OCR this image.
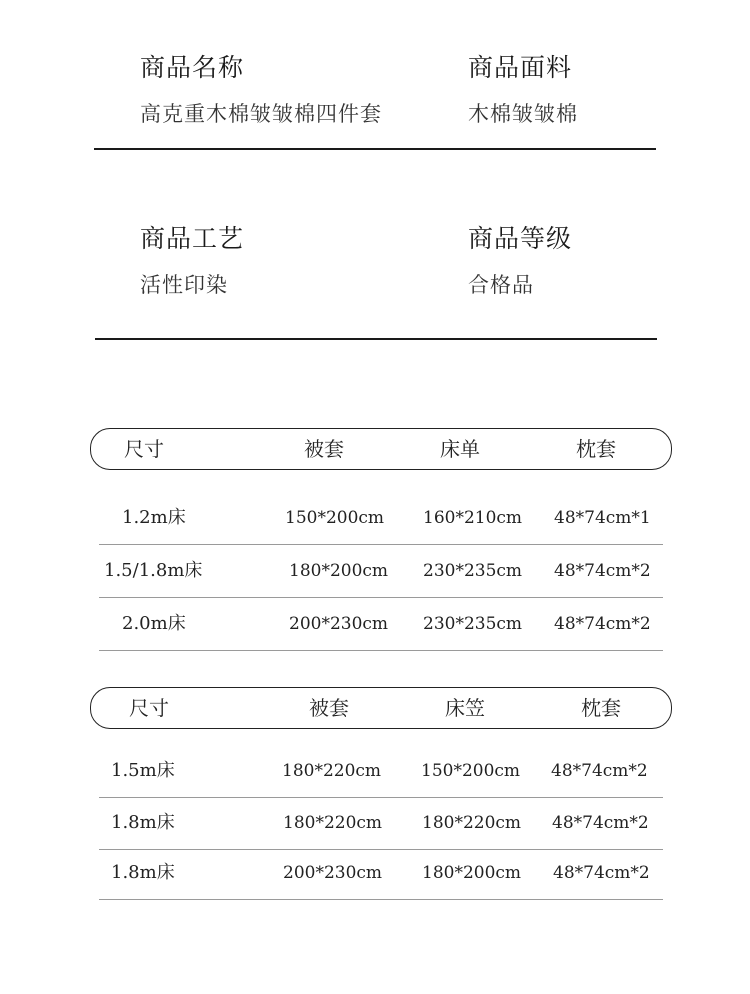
商品名称
高克重木棉皱皱棉四件套
商品面料
木棉皱皱棉
商品工艺
活性印染
商品等级
合格品
尺寸	被套	床单	枕套
1.2m床	150*200cm 160*210cm 48*74cm*1
1.5/1.8m床	180*200cm 230*235cm 48*74cm*2
2.0m床	200*230cm 230*235cm 48*74cm*2
尺寸	被套	床笠	枕套
1.5m床	180*220cm 150*200cm 48*74cm*2
1.8m床	180*220cm 180*220cm 48*74cm*2
1.8m床	200*230cm 180*200cm 48*74cm*2
